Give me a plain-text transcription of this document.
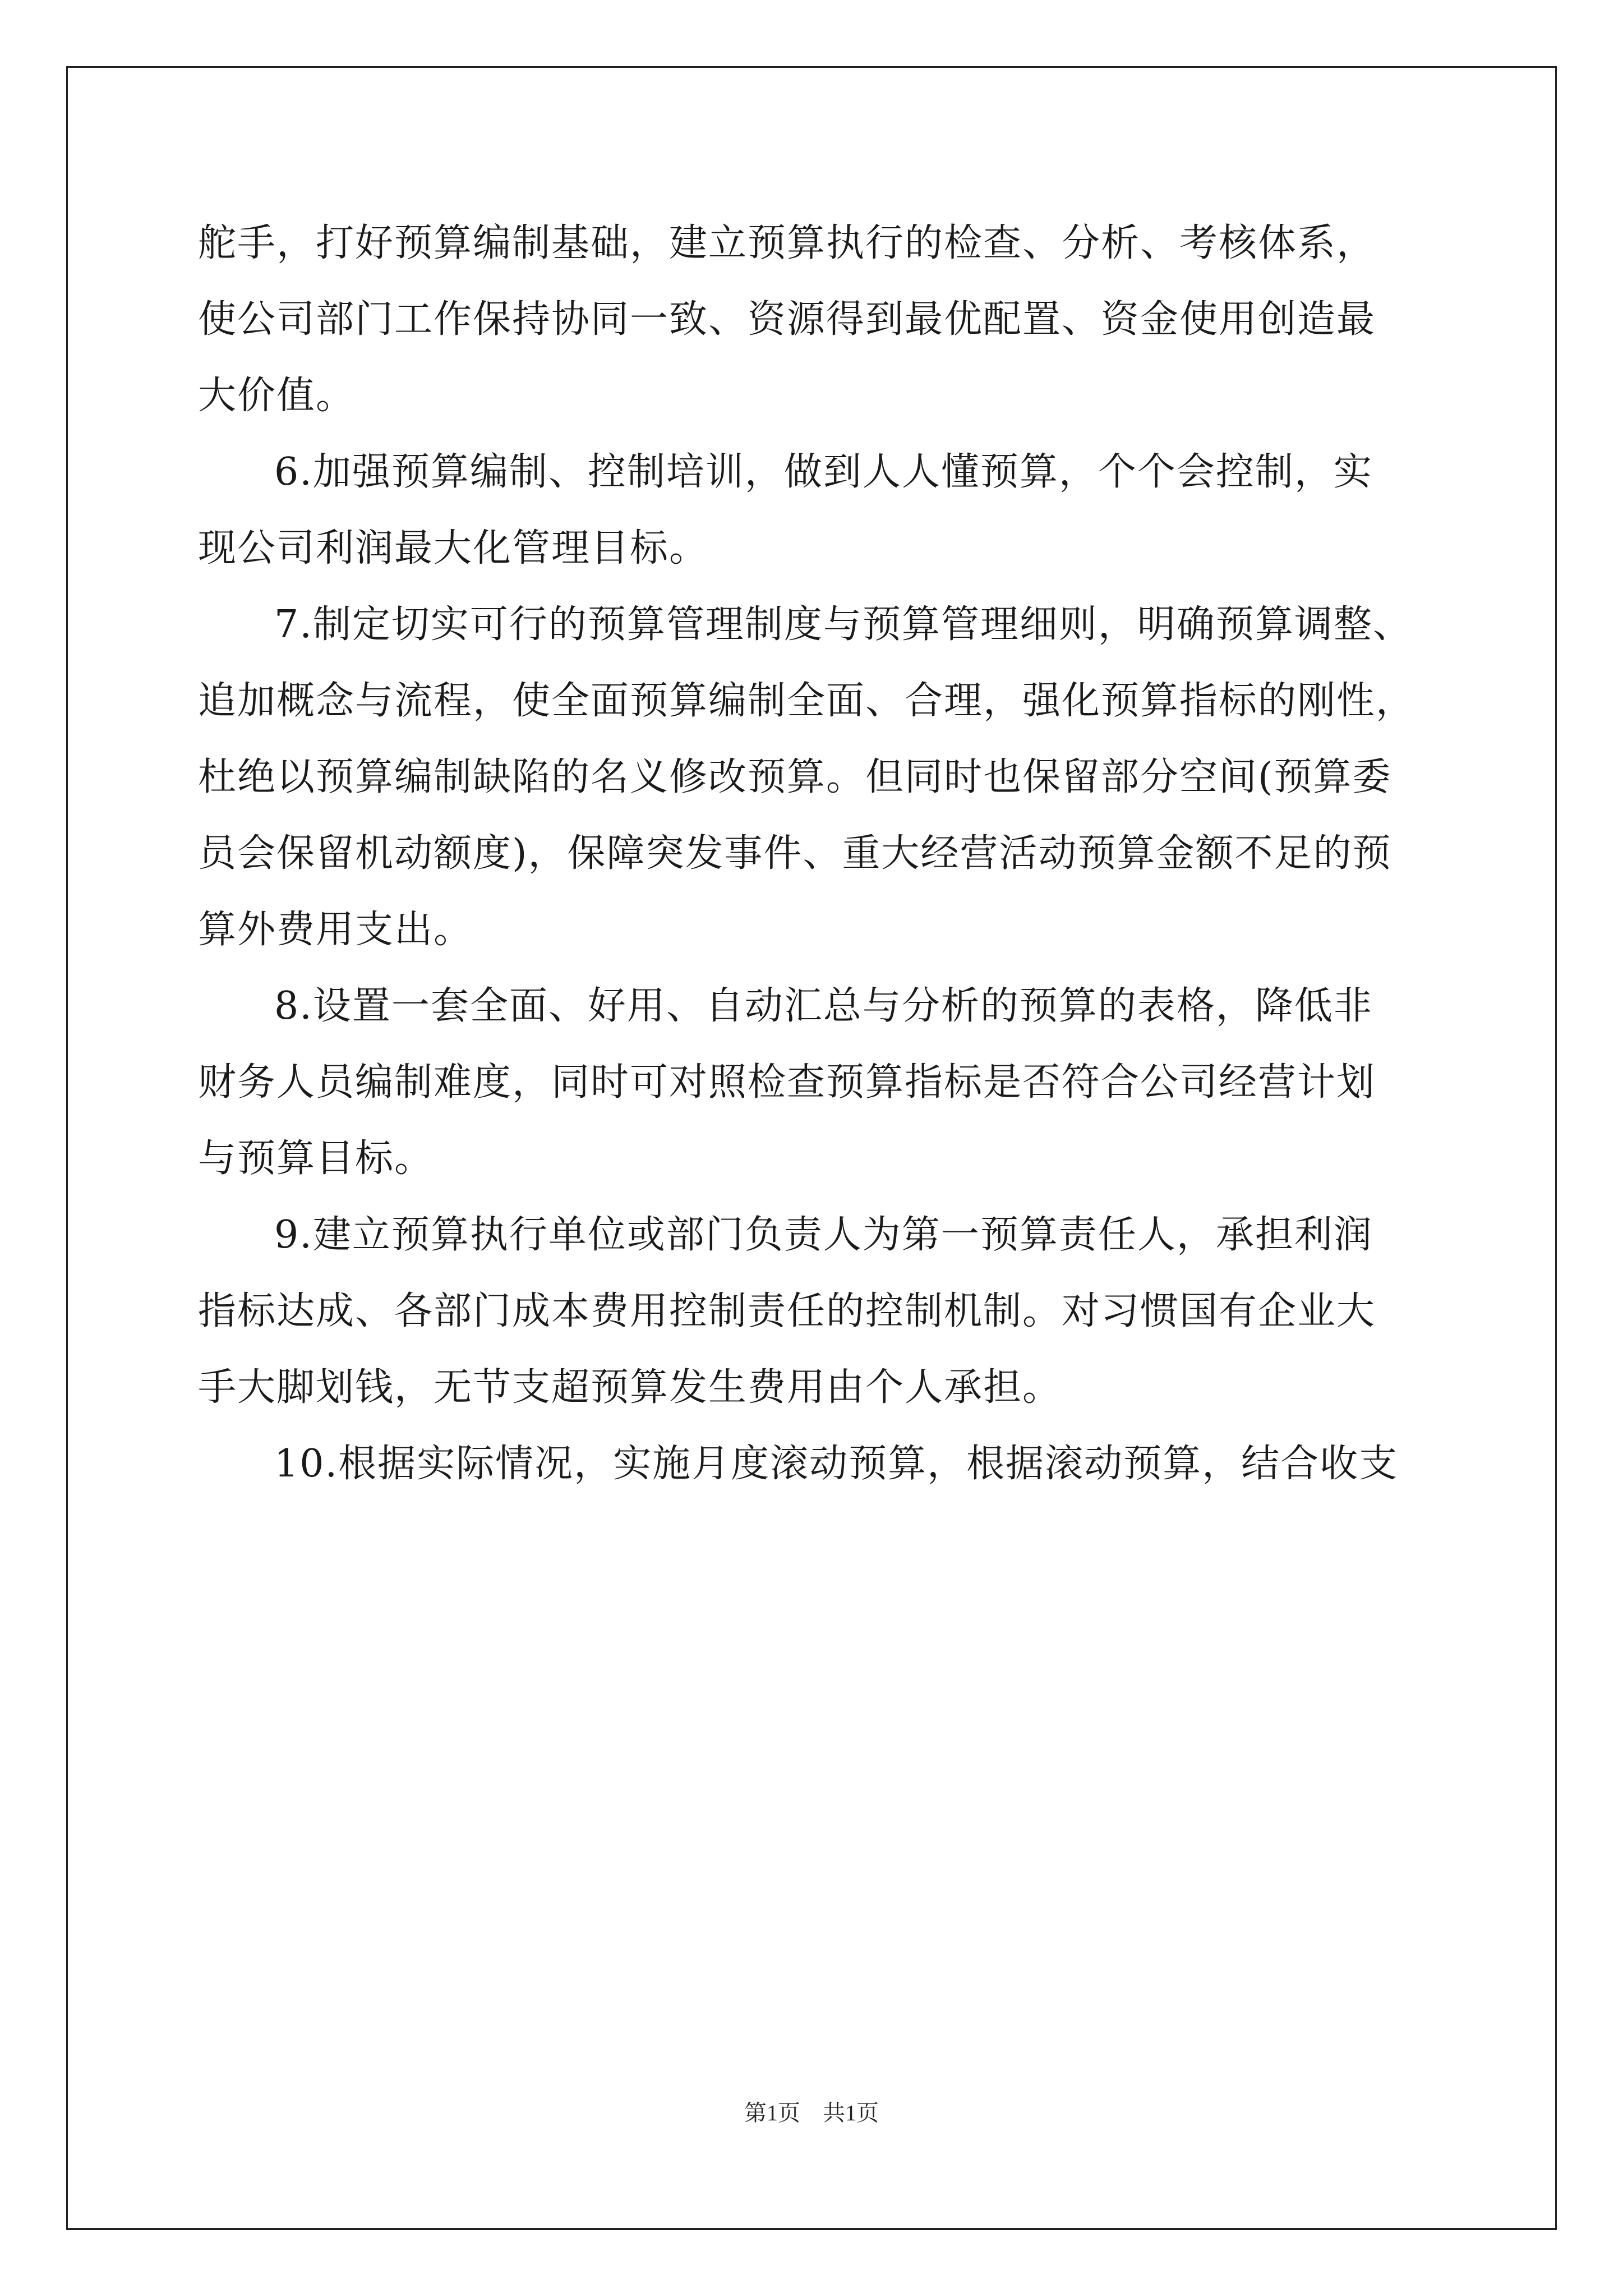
舵手，打好预算编制基础，建立预算执行的检查、分析、考核体系，
使公司部门工作保持协同一致、资源得到最优配置、资金使用创造最
大价值。
6.加强预算编制、控制培训，做到人人懂预算，个个会控制，实
现公司利润最大化管理目标。
7.制定切实可行的预算管理制度与预算管理细则，明确预算调整、
追加概念与流程，使全面预算编制全面、合理，强化预算指标的刚性，
杜绝以预算编制缺陷的名义修改预算。但同时也保留部分空间(预算委
员会保留机动额度)，保障突发事件、重大经营活动预算金额不足的预
算外费用支出。
8.设置一套全面、好用、自动汇总与分析的预算的表格，降低非
财务人员编制难度，同时可对照检查预算指标是否符合公司经营计划
与预算目标。
9.建立预算执行单位或部门负责人为第一预算责任人，承担利润
指标达成、各部门成本费用控制责任的控制机制。对习惯国有企业大
手大脚划钱，无节支超预算发生费用由个人承担。
10.根据实际情况，实施月度滚动预算，根据滚动预算，结合收支
第1页　共1页
